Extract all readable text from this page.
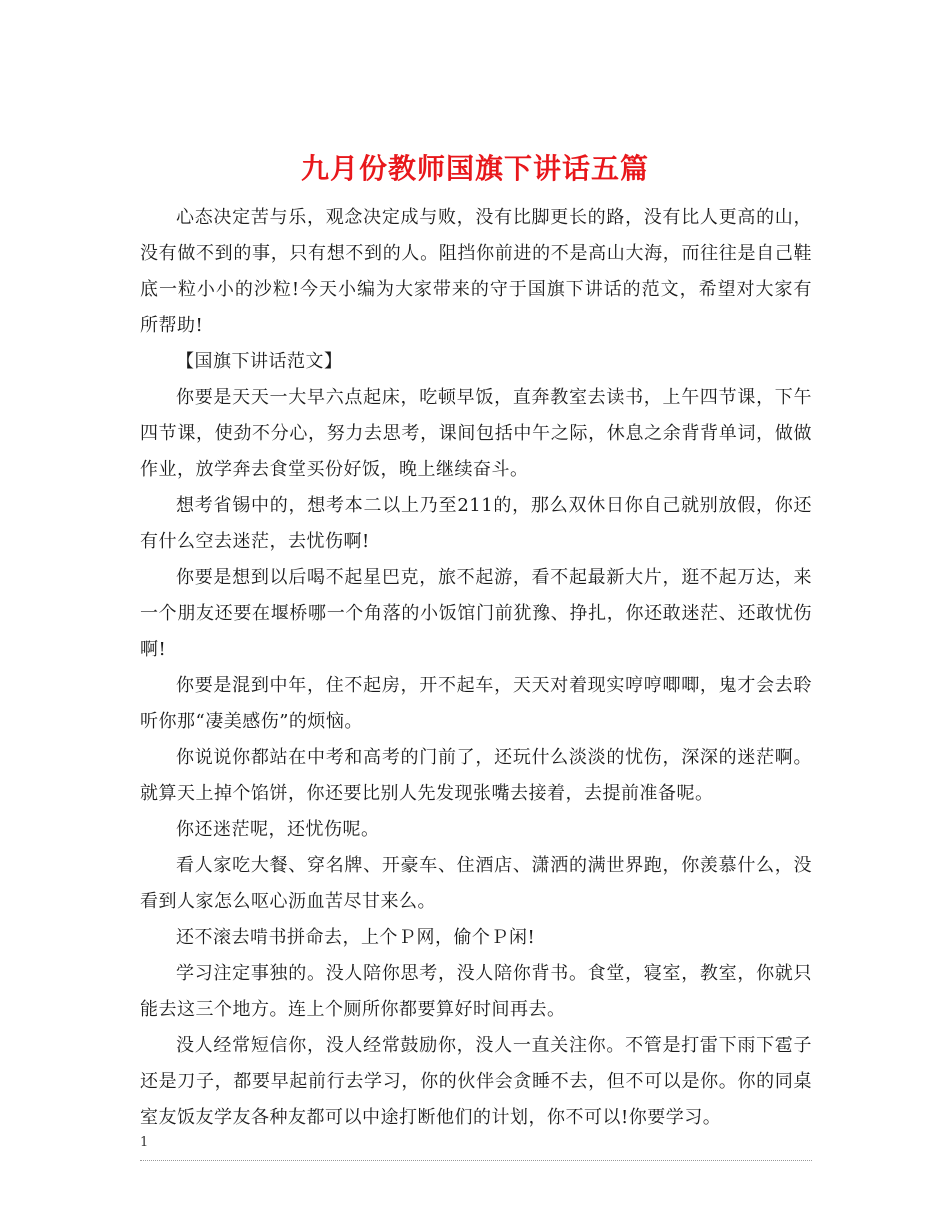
九月份教师国旗下讲话五篇

心态决定苦与乐，观念决定成与败，没有比脚更长的路，没有比人更高的山，没有做不到的事，只有想不到的人。阻挡你前进的不是高山大海，而往往是自己鞋底一粒小小的沙粒!今天小编为大家带来的守于国旗下讲话的范文，希望对大家有所帮助!

【国旗下讲话范文】

你要是天天一大早六点起床，吃顿早饭，直奔教室去读书，上午四节课，下午四节课，使劲不分心，努力去思考，课间包括中午之际，休息之余背背单词，做做作业，放学奔去食堂买份好饭，晚上继续奋斗。

想考省锡中的，想考本二以上乃至211的，那么双休日你自己就别放假，你还有什么空去迷茫，去忧伤啊!

你要是想到以后喝不起星巴克，旅不起游，看不起最新大片，逛不起万达，来一个朋友还要在堰桥哪一个角落的小饭馆门前犹豫、挣扎，你还敢迷茫、还敢忧伤啊!

你要是混到中年，住不起房，开不起车，天天对着现实哼哼唧唧，鬼才会去聆听你那“凄美感伤”的烦恼。

你说说你都站在中考和高考的门前了，还玩什么淡淡的忧伤，深深的迷茫啊。就算天上掉个馅饼，你还要比别人先发现张嘴去接着，去提前准备呢。

你还迷茫呢，还忧伤呢。

看人家吃大餐、穿名牌、开豪车、住酒店、潇洒的满世界跑，你羡慕什么，没看到人家怎么呕心沥血苦尽甘来么。

还不滚去啃书拼命去，上个Ｐ网，偷个Ｐ闲!

学习注定事独的。没人陪你思考，没人陪你背书。食堂，寝室，教室，你就只能去这三个地方。连上个厕所你都要算好时间再去。

没人经常短信你，没人经常鼓励你，没人一直关注你。不管是打雷下雨下雹子还是刀子，都要早起前行去学习，你的伙伴会贪睡不去，但不可以是你。你的同桌室友饭友学友各种友都可以中途打断他们的计划，你不可以!你要学习。

1
